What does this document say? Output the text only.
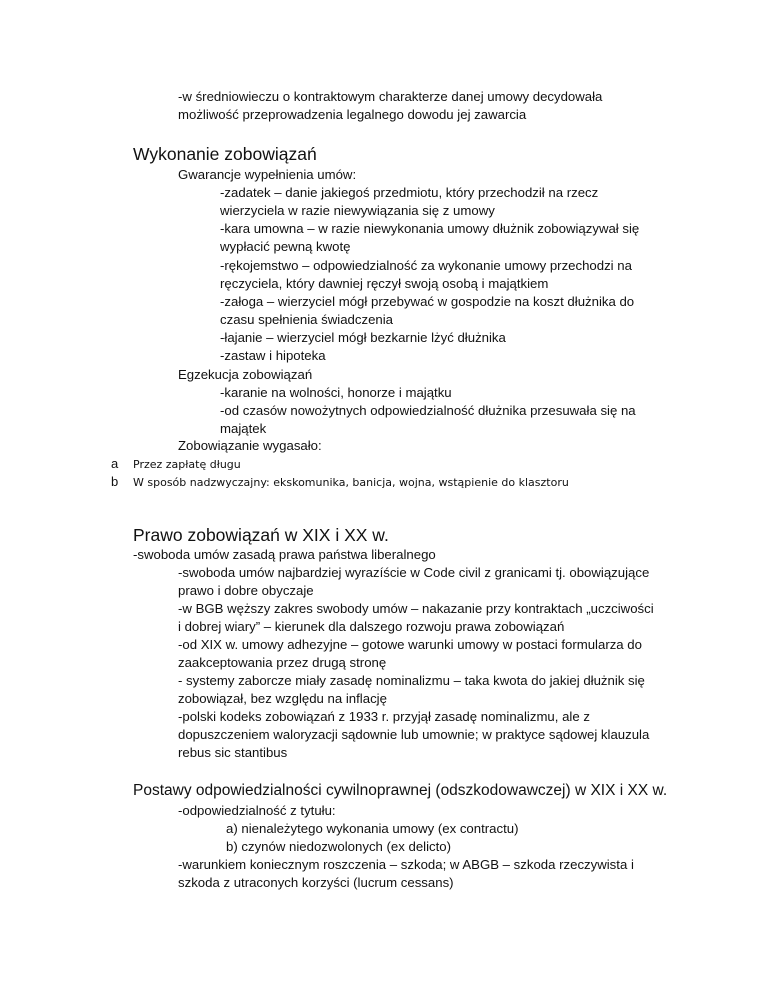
-w średniowieczu o kontraktowym charakterze danej umowy decydowała
możliwość przeprowadzenia legalnego dowodu jej zawarcia
Wykonanie zobowiązań
Gwarancje wypełnienia umów:
-zadatek – danie jakiegoś przedmiotu, który przechodził na rzecz
wierzyciela w razie niewywiązania się z umowy
-kara umowna – w razie niewykonania umowy dłużnik zobowiązywał się
wypłacić pewną kwotę
-rękojemstwo – odpowiedzialność za wykonanie umowy przechodzi na
ręczyciela, który dawniej ręczył swoją osobą i majątkiem
-załoga – wierzyciel mógł przebywać w gospodzie na koszt dłużnika do
czasu spełnienia świadczenia
-łajanie – wierzyciel mógł bezkarnie lżyć dłużnika
-zastaw i hipoteka
Egzekucja zobowiązań
-karanie na wolności, honorze i majątku
-od czasów nowożytnych odpowiedzialność dłużnika przesuwała się na
majątek
Zobowiązanie wygasało:
a Przez zapłatę długu
b W sposób nadzwyczajny: ekskomunika, banicja, wojna, wstąpienie do klasztoru
Prawo zobowiązań w XIX i XX w.
-swoboda umów zasadą prawa państwa liberalnego
-swoboda umów najbardziej wyrazíście w Code civil z granicami tj. obowiązujące
prawo i dobre obyczaje
-w BGB węższy zakres swobody umów – nakazanie przy kontraktach „uczciwości
i dobrej wiary” – kierunek dla dalszego rozwoju prawa zobowiązań
-od XIX w. umowy adhezyjne – gotowe warunki umowy w postaci formularza do
zaakceptowania przez drugą stronę
- systemy zaborcze miały zasadę nominalizmu – taka kwota do jakiej dłużnik się
zobowiązał, bez względu na inflację
-polski kodeks zobowiązań z 1933 r. przyjął zasadę nominalizmu, ale z
dopuszczeniem waloryzacji sądownie lub umownie; w praktyce sądowej klauzula
rebus sic stantibus
Postawy odpowiedzialności cywilnoprawnej (odszkodowawczej) w XIX i XX w.
-odpowiedzialność z tytułu:
a) nienależytego wykonania umowy (ex contractu)
b) czynów niedozwolonych (ex delicto)
-warunkiem koniecznym roszczenia – szkoda; w ABGB – szkoda rzeczywista i
szkoda z utraconych korzyści (lucrum cessans)
